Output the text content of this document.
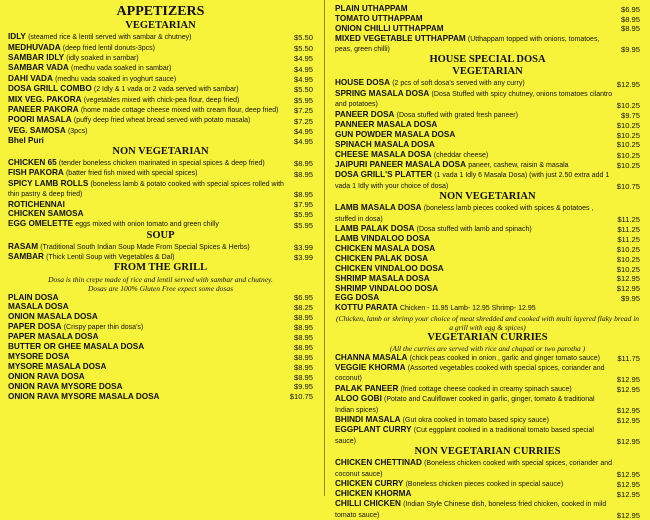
APPETIZERS
VEGETARIAN
IDLY (steamed rice & lentil served with sambar & chutney)	$5.50
MEDHUVADA (deep fried lentil donuts-3pcs)	$5.50
SAMBAR IDLY (idly soaked in sambar)	$4.95
SAMBAR VADA (medhu vada soaked in sambar)	$4.95
DAHI VADA (medhu vada soaked in yoghurt sauce)	$4.95
DOSA GRILL COMBO (2 Idly & 1 vada or 2 vada served with sambar)	$5.50
MIX VEG. PAKORA (vegetables mixed with chick-pea flour, deep fried)	$5.95
PANEER PAKORA (home made cottage cheese mixed with cream flour, deep fried)	$7.25
POORI MASALA (puffy deep fried wheat bread served with potato masala)	$7.25
VEG. SAMOSA (3pcs)	$4.95
Bhel Puri	$4.95
NON VEGETARIAN
CHICKEN 65 (tender boneless chicken marinated in special spices & deep fried)	$8.95
FISH PAKORA (batter fried fish mixed with special spices)	$8.95
SPICY LAMB ROLLS (boneless lamb & potato cooked with special spices rolled with thin pastry & deep fried)	$8.95
ROTICHENNAI	$7.95
CHICKEN SAMOSA	$5.95
EGG OMELETTE eggs mixed with onion tomato and green chilly	$5.95
SOUP
RASAM (Traditional South Indian Soup Made From Special Spices & Herbs)	$3.99
SAMBAR (Thick Lentil Soup with Vegetables & Dal)	$3.99
FROM THE GRILL
Dosa is thin crepe made of rice and lentil served with sambar and chutney.
Dosas are 100% Gluten Free expect some dosas
PLAIN DOSA	$6.95
MASALA DOSA	$8.25
ONION MASALA DOSA	$8.95
PAPER DOSA (Crispy paper thin dosa's)	$8.95
PAPER MASALA DOSA	$8.95
BUTTER OR GHEE MASALA DOSA	$8.95
MYSORE DOSA	$8.95
MYSORE MASALA DOSA	$8.95
ONION RAVA DOSA	$8.95
ONION RAVA MYSORE DOSA	$9.95
ONION RAVA MYSORE MASALA DOSA	$10.75
PLAIN UTHAPPAM	$6.95
TOMATO UTTHAPPAM	$8.95
ONION CHILLI UTTHAPPAM	$8.95
MIXED VEGETABLE UTTHAPPAM (Utthappam topped with onions, tomatoes, peas, green chilli)	$9.95
HOUSE SPECIAL DOSA
VEGETARIAN
HOUSE DOSA (2 pcs of soft dosa's served with any curry)	$12.95
SPRING MASALA DOSA (Dosa Stuffed with spicy chutney, onions tomatoes cilantro and potatoes)	$10.25
PANEER DOSA (Dosa stuffed with grated fresh paneer)	$9.75
PANNEER MASALA DOSA	$10.25
GUN POWDER MASALA DOSA	$10.25
SPINACH MASALA DOSA	$10.25
CHEESE MASALA DOSA (cheddar cheese)	$10.25
JAIPURI PANEER MASALA DOSA paneer, cashew, raisin & masala	$10.25
DOSA GRILL'S PLATTER (1 vada 1 Idly 6 Masala Dosa) (with just 2.50 extra add 1 vada 1 Idly with your choice of dosa)	$10.75
NON VEGETARIAN
LAMB MASALA DOSA (boneless lamb pieces cooked with spices & potatoes , stuffed in dosa)	$11.25
LAMB PALAK DOSA (Dosa stuffed with lamb and spinach)	$11.25
LAMB VINDALOO DOSA	$11.25
CHICKEN MASALA DOSA	$10.25
CHICKEN PALAK DOSA	$10.25
CHICKEN VINDALOO DOSA	$10.25
SHRIMP MASALA DOSA	$12.95
SHRIMP VINDALOO DOSA	$12.95
EGG DOSA	$9.95
KOTTU PARATA Chicken - 11.95 Lamb- 12.95 Shrimp- 12.95
(Chicken, lamb or shrimp your choice of meat shredded and cooked with multi layered flaky bread in a grill with egg & spices)
VEGETARIAN CURRIES
(All the curries are served with rice and chapati or two parotha )
CHANNA MASALA (chick peas cooked in onion , garlic and ginger tomato sauce)	$11.75
VEGGIE KHORMA (Assorted vegetables cooked with special spices, coriander and coconut)	$12.95
PALAK PANEER (fried cottage cheese cooked in creamy spinach sauce)	$12.95
ALOO GOBI (Potato and Cauliflower cooked in garlic, ginger, tomato & traditional Indian spices)	$12.95
BHINDI MASALA (Gut okra cooked in tomato based spicy sauce)	$12.95
EGGPLANT CURRY (Cut eggplant cooked in a traditional tomato based special sauce)	$12.95
NON VEGETARIAN CURRIES
CHICKEN CHETTINAD (Boneless chicken cooked with special spices, coriander and coconut sauce)	$12.95
CHICKEN CURRY (Boneless chicken pieces cooked in special sauce)	$12.95
CHICKEN KHORMA	$12.95
CHILLI CHICKEN (Indian Style Chinese dish, boneless fried chicken, cooked in mild tomato sauce)	$12.95
